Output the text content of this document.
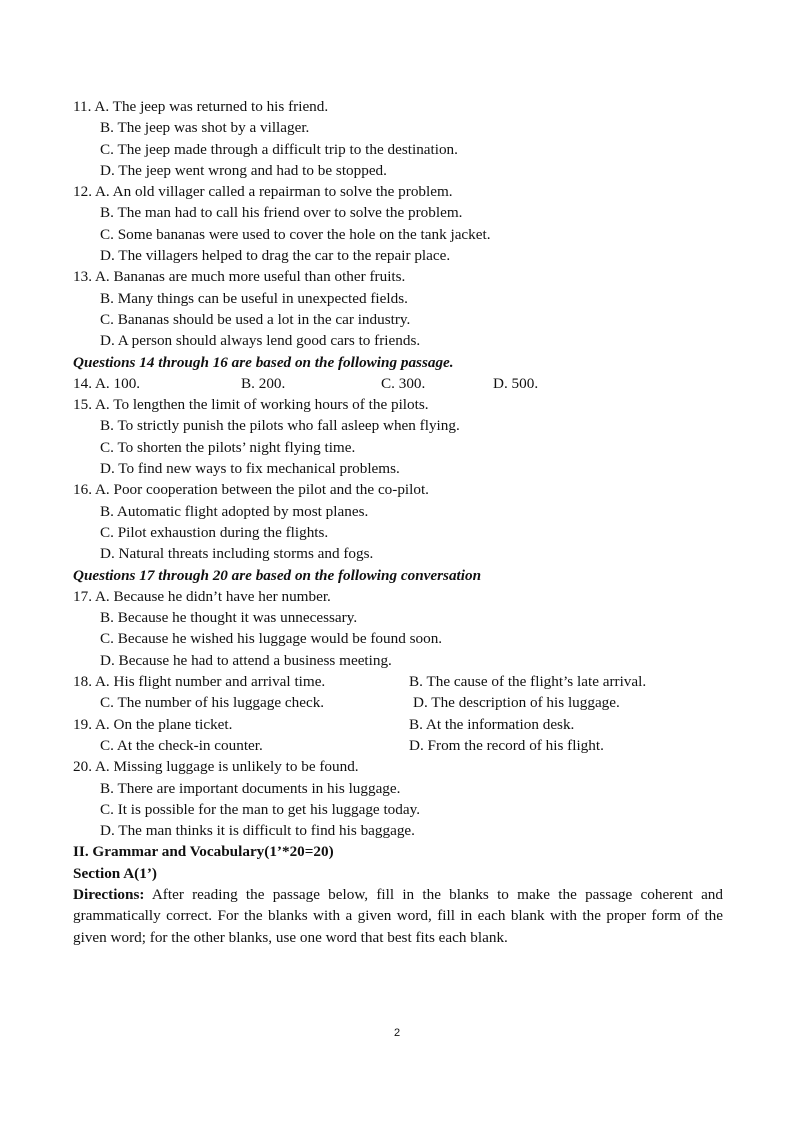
11. A. The jeep was returned to his friend.
B. The jeep was shot by a villager.
C. The jeep made through a difficult trip to the destination.
D. The jeep went wrong and had to be stopped.
12. A. An old villager called a repairman to solve the problem.
B. The man had to call his friend over to solve the problem.
C. Some bananas were used to cover the hole on the tank jacket.
D. The villagers helped to drag the car to the repair place.
13. A. Bananas are much more useful than other fruits.
B. Many things can be useful in unexpected fields.
C. Bananas should be used a lot in the car industry.
D. A person should always lend good cars to friends.
Questions 14 through 16 are based on the following passage.
14. A. 100.	B. 200.	C. 300.	D. 500.
15. A. To lengthen the limit of working hours of the pilots.
B. To strictly punish the pilots who fall asleep when flying.
C. To shorten the pilots’ night flying time.
D. To find new ways to fix mechanical problems.
16. A. Poor cooperation between the pilot and the co-pilot.
B. Automatic flight adopted by most planes.
C. Pilot exhaustion during the flights.
D. Natural threats including storms and fogs.
Questions 17 through 20 are based on the following conversation
17. A. Because he didn’t have her number.
B. Because he thought it was unnecessary.
C. Because he wished his luggage would be found soon.
D. Because he had to attend a business meeting.
18. A. His flight number and arrival time.	B. The cause of the flight’s late arrival.
C. The number of his luggage check.	D. The description of his luggage.
19. A. On the plane ticket.	B. At the information desk.
C. At the check-in counter.	D. From the record of his flight.
20. A. Missing luggage is unlikely to be found.
B. There are important documents in his luggage.
C. It is possible for the man to get his luggage today.
D. The man thinks it is difficult to find his baggage.
II. Grammar and Vocabulary(1’*20=20)
Section A(1’)
Directions: After reading the passage below, fill in the blanks to make the passage coherent and grammatically correct. For the blanks with a given word, fill in each blank with the proper form of the given word; for the other blanks, use one word that best fits each blank.
2
